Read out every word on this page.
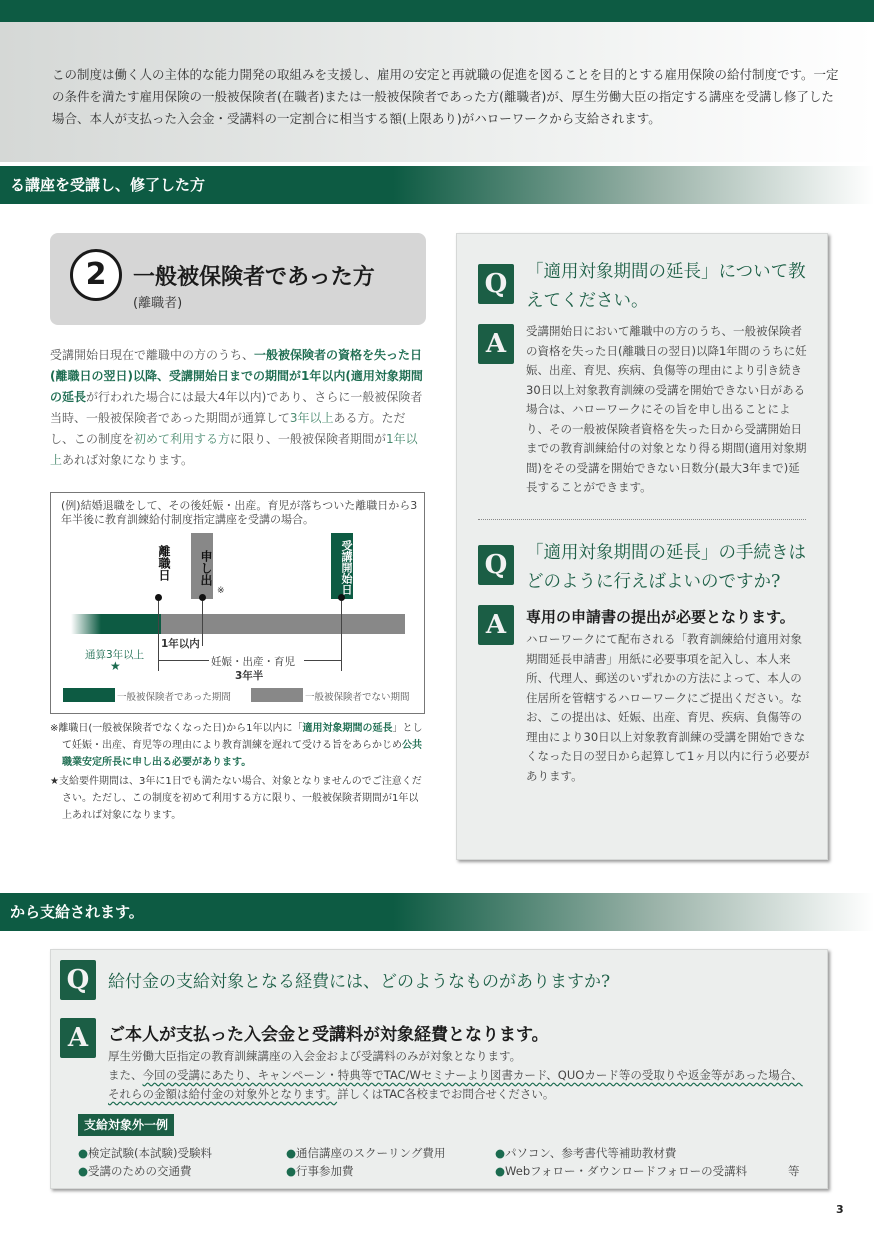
この制度は働く人の主体的な能力開発の取組みを支援し、雇用の安定と再就職の促進を図ることを目的とする雇用保険の給付制度です。一定の条件を満たす雇用保険の一般被保険者(在職者)または一般被保険者であった方(離職者)が、厚生労働大臣の指定する講座を受講し修了した場合、本人が支払った入会金・受講料の一定割合に相当する額(上限あり)がハローワークから支給されます。

る講座を受講し、修了した方
2	一般被保険者であった方
(離職者)
受講開始日現在で離職中の方のうち、一般被保険者の資格を失った日(離職日の翌日)以降、受講開始日までの期間が1年以内(適用対象期間の延長が行われた場合には最大4年以内)であり、さらに一般被保険者当時、一般被保険者であった期間が通算して3年以上ある方。ただし、この制度を初めて利用する方に限り、一般被保険者期間が1年以上あれば対象になります。
(例)結婚退職をして、その後妊娠・出産。育児が落ちついた離職日から3年半後に教育訓練給付制度指定講座を受講の場合。
離職日	申し出
※	受講開始日
1年以内
妊娠・出産・育児
3年半
通算3年以上
★
一般被保険者であった期間	一般被保険者でない期間
※離職日(一般被保険者でなくなった日)から1年以内に「適用対象期間の延長」として妊娠・出産、育児等の理由により教育訓練を遅れて受ける旨をあらかじめ公共職業安定所長に申し出る必要があります。
★支給要件期間は、3年に1日でも満たない場合、対象となりませんのでご注意ください。ただし、この制度を初めて利用する方に限り、一般被保険者期間が1年以上あれば対象になります。
Q	「適用対象期間の延長」について教えてください。
A	受講開始日において離職中の方のうち、一般被保険者の資格を失った日(離職日の翌日)以降1年間のうちに妊娠、出産、育児、疾病、負傷等の理由により引き続き30日以上対象教育訓練の受講を開始できない日がある場合は、ハローワークにその旨を申し出ることにより、その一般被保険者資格を失った日から受講開始日までの教育訓練給付の対象となり得る期間(適用対象期間)をその受講を開始できない日数分(最大3年まで)延長することができます。
Q	「適用対象期間の延長」の手続きはどのように行えばよいのですか?
A	専用の申請書の提出が必要となります。
ハローワークにて配布される「教育訓練給付適用対象期間延長申請書」用紙に必要事項を記入し、本人来所、代理人、郵送のいずれかの方法によって、本人の住居所を管轄するハローワークにご提出ください。なお、この提出は、妊娠、出産、育児、疾病、負傷等の理由により30日以上対象教育訓練の受講を開始できなくなった日の翌日から起算して1ヶ月以内に行う必要があります。
から支給されます。
Q	給付金の支給対象となる経費には、どのようなものがありますか?
A	ご本人が支払った入会金と受講料が対象経費となります。
厚生労働大臣指定の教育訓練講座の入会金および受講料のみが対象となります。
また、今回の受講にあたり、キャンペーン・特典等でTAC/Wセミナーより図書カード、QUOカード等の受取りや返金等があった場合、それらの金額は給付金の対象外となります。詳しくはTAC各校までお問合せください。
支給対象外一例
●検定試験(本試験)受験料	●通信講座のスクーリング費用	●パソコン、参考書代等補助教材費
●受講のための交通費	●行事参加費	●Webフォロー・ダウンロードフォローの受講料	等
3
